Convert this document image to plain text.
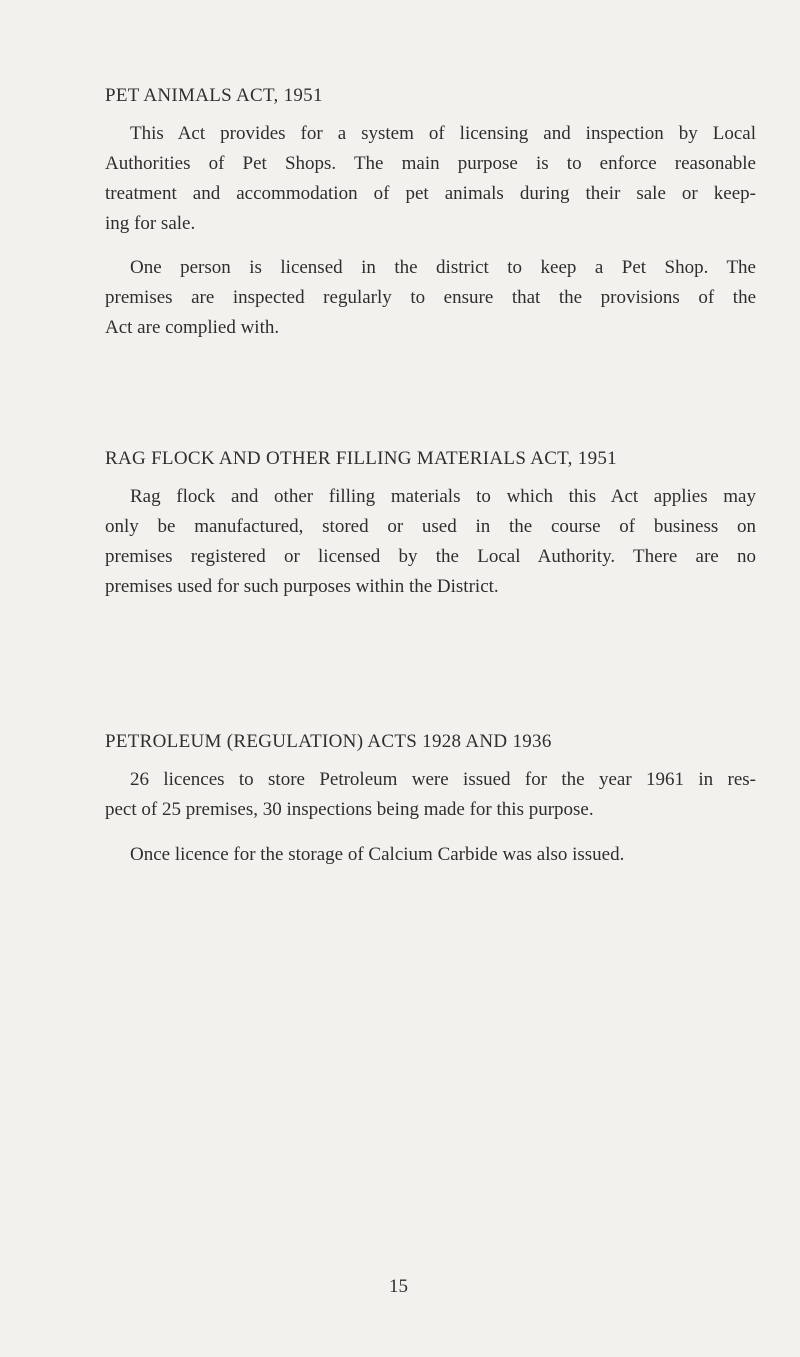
PET ANIMALS ACT, 1951
This Act provides for a system of licensing and inspection by Local
Authorities of Pet Shops. The main purpose is to enforce reasonable
treatment and accommodation of pet animals during their sale or keep-
ing for sale.
One person is licensed in the district to keep a Pet Shop. The
premises are inspected regularly to ensure that the provisions of the
Act are complied with.
RAG FLOCK AND OTHER FILLING MATERIALS ACT, 1951
Rag flock and other filling materials to which this Act applies may
only be manufactured, stored or used in the course of business on
premises registered or licensed by the Local Authority. There are no
premises used for such purposes within the District.
PETROLEUM (REGULATION) ACTS 1928 AND 1936
26 licences to store Petroleum were issued for the year 1961 in res-
pect of 25 premises, 30 inspections being made for this purpose.
Once licence for the storage of Calcium Carbide was also issued.
15
